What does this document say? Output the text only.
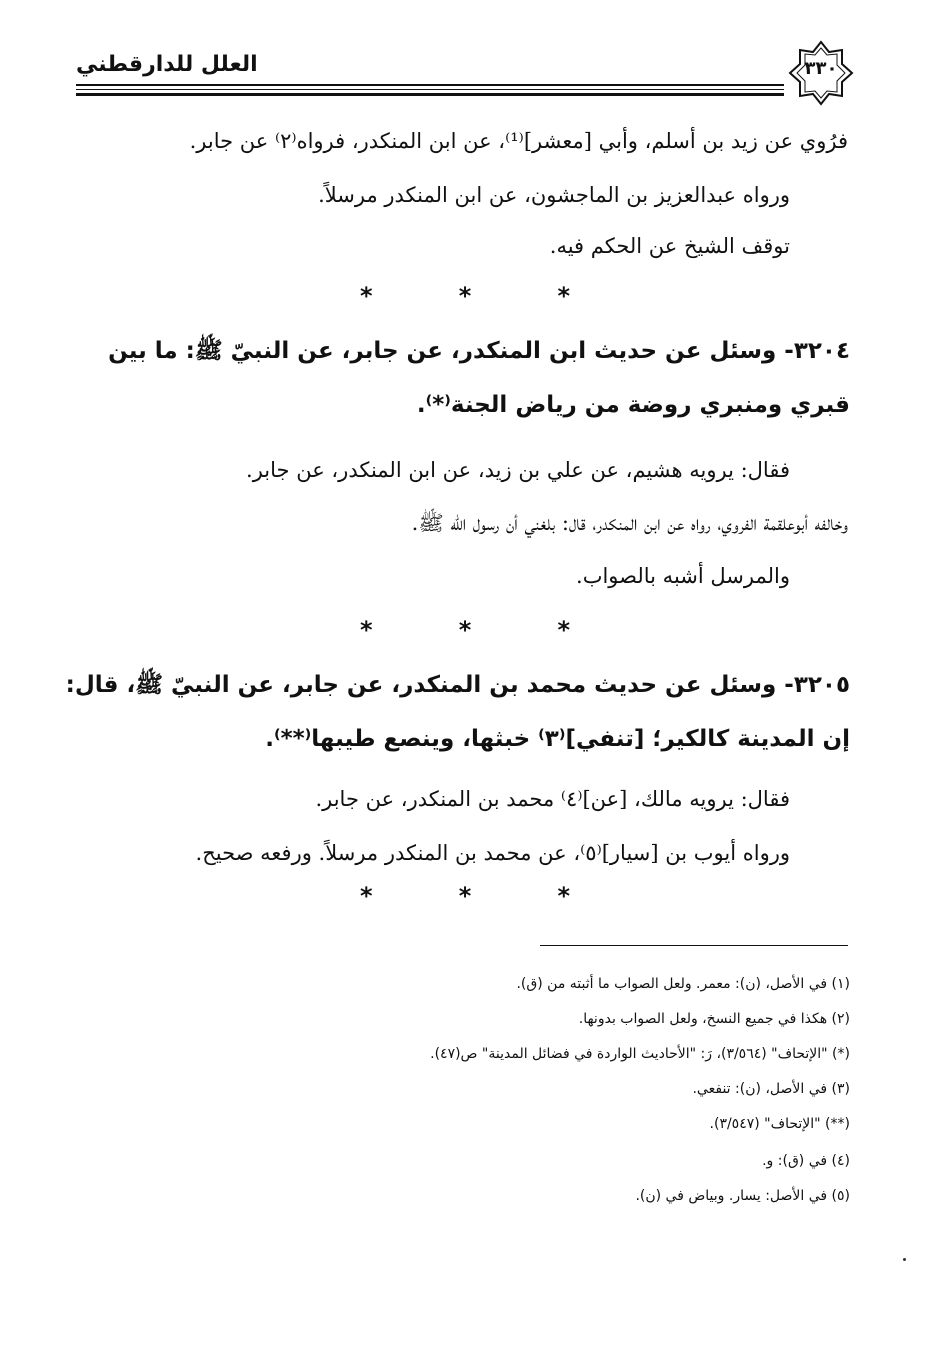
العلل للدارقطني	٣٣٠
فرُوي عن زيد بن أسلم، وأبي [معشر]⁽¹⁾، عن ابن المنكدر، فرواه⁽٢⁾ عن جابر.
ورواه عبدالعزيز بن الماجشون، عن ابن المنكدر مرسلاً.
توقف الشيخ عن الحكم فيه.
*	*	*
٣٢٠٤- وسئل عن حديث ابن المنكدر، عن جابر، عن النبيّ ﷺ: ما بين
قبري ومنبري روضة من رياض الجنة⁽*⁾.
فقال: يرويه هشيم، عن علي بن زيد، عن ابن المنكدر، عن جابر.
وخالفه أبوعلقمة الفروي، رواه عن ابن المنكدر، قال: بلغني أن رسول الله ﷺ.
والمرسل أشبه بالصواب.
*	*	*
٣٢٠٥- وسئل عن حديث محمد بن المنكدر، عن جابر، عن النبيّ ﷺ، قال:
إن المدينة كالكير؛ [تنفي]⁽٣⁾ خبثها، وينصع طيبها⁽**⁾.
فقال: يرويه مالك، [عن]⁽٤⁾ محمد بن المنكدر، عن جابر.
ورواه أيوب بن [سيار]⁽٥⁾، عن محمد بن المنكدر مرسلاً. ورفعه صحيح.
*	*	*
(١) في الأصل، (ن): معمر. ولعل الصواب ما أثبته من (ق).
(٢) هكذا في جميع النسخ، ولعل الصواب بدونها.
(*) "الإتحاف" (٣/٥٦٤)، رَ: "الأحاديث الواردة في فضائل المدينة" ص(٤٧).
(٣) في الأصل، (ن): تنفعي.
(**) "الإتحاف" (٣/٥٤٧).
(٤) في (ق): و.
(٥) في الأصل: يسار. وبياض في (ن).
